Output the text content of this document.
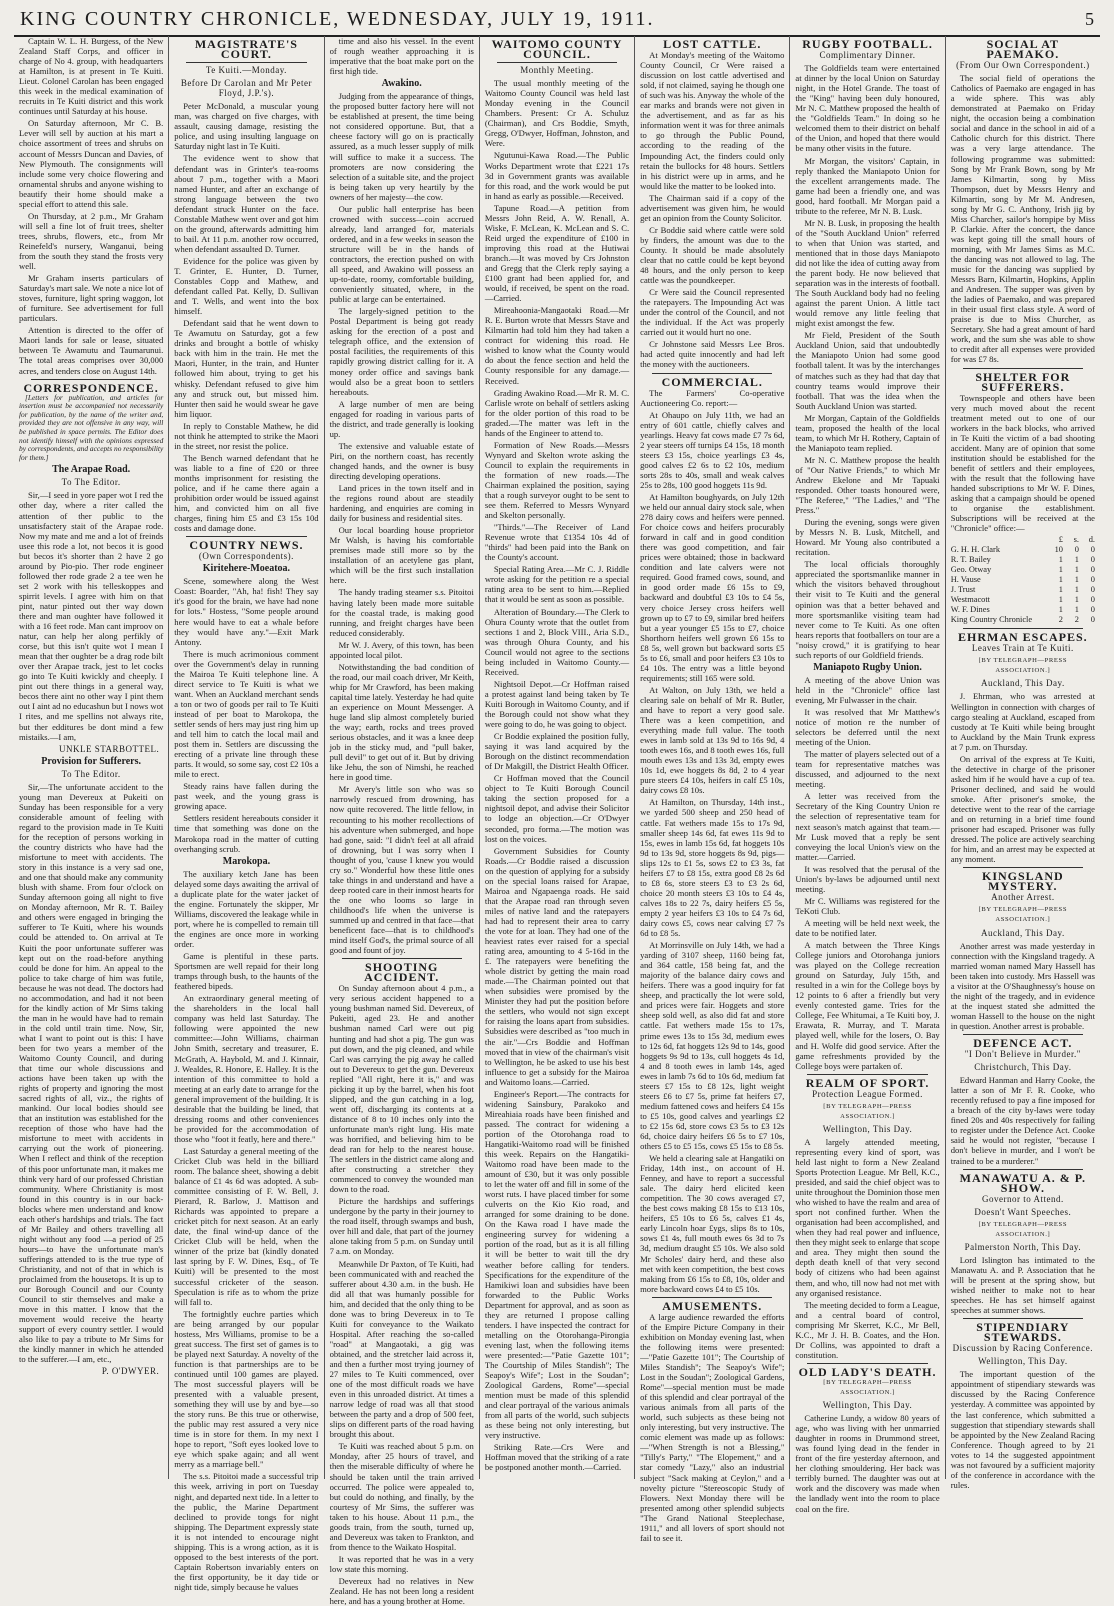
KING COUNTRY CHRONICLE, WEDNESDAY, JULY 19, 1911.	5

Captain W. L. H. Burgess, of the New Zealand Staff Corps, and officer in charge of No 4. group, with headquarters at Hamilton, is at present in Te Kuiti. Lieut. Colonel Carolan has been engaged this week in the medical examination of recruits in Te Kuiti district and this work continues until Saturday at his house.

On Saturday afternoon, Mr C. B. Lever will sell by auction at his mart a choice assortment of trees and shrubs on account of Messrs Duncan and Davies, of New Plymouth. The consignments will include some very choice flowering and ornamental shrubs and anyone wishing to beautify their home should make a special effort to attend this sale.

On Thursday, at 2 p.m., Mr Graham will sell a fine lot of fruit trees, shelter trees, shrubs, flowers, etc., from Mr Reinefeld's nursery, Wanganui, being from the south they stand the frosts very well.

Mr Graham inserts particulars of Saturday's mart sale. We note a nice lot of stoves, furniture, light spring waggon, lot of furniture. See advertisement for full particulars.

Attention is directed to the offer of Maori lands for sale or lease, situated between Te Awamutu and Taumarunui. The total areas comprises over 30,000 acres, and tenders close on August 14th.

CORRESPONDENCE.
[Letters for publication, and articles for insertion must be accompanied not necessarily for publication, by the name of the writer and, provided they are not offensive in any way, will be published in space permits. The Editor does not identify himself with the opinions expressed by correspondents, and accepts no responsibility for them.]
The Arapae Road.
To The Editor.

Sir,—I seed in yore paper wot I red the other day, where a riter called the attention of ther public to the unsatisfactery stait of the Arapae rode. Now my mate and me and a lot of freinds usee this rode a lot, not becos it is good but becos it's shorter than 2 have 2 go around by Pio-pio. Ther rode engineer followed ther rode grade 2 a tee wen he set 2 work with his telleskoppes and spirrit levels. I agree with him on that pint, natur pinted out ther way down there and man oughter have followed it with a 16 feet rode. Man cant improov on natur, can help her along perfikly of corse, but this isn't quite wot I mean I mean that ther oughter be a drag rode bilt over ther Arapae track, jest to let cocks go into Te Kuiti kwickly and cheeply. I pint out there things in a general way, becos there aint no other way I pint them out I aint ad no educashun but I nows wot I rites, and me spellins not always rite, but ther edditures be dont mind a few mistaiks.—I am,

UNKLE STARBOTTEL.
Provision for Sufferers.
To The Editor.

Sir,—The unfortunate accident to the young man Devereux at Pukeiti on Sunday has been responsible for a very considerable amount of feeling with regard to the provision made in Te Kuiti for the reception of persons working in the country districts who have had the misfortune to meet with accidents. The story in this instance is a very sad one, and one that should make any community blush with shame. From four o'clock on Sunday afternoon going all night to five on Monday afternoon, Mr R. T. Bailey and others were engaged in bringing the sufferer to Te Kuiti, where his wounds could be attended to. On arrival at Te Kuiti the poor unfortunate sufferer was kept out on the road-before anything could be done for him. An appeal to the police to take charge of him was futile, because he was not dead. The doctors had no accommodation, and had it not been for the kindly action of Mr Sims taking the man in he would have had to remain in the cold until train time. Now, Sir, what I want to point out is this: I have been for two years a member of the Waitomo County Council, and during that time our whole discussions and actions have been taken up with the rights of property and ignoring the most sacred rights of all, viz., the rights of mankind. Our local bodies should see that an institution was established for the reception of those who have had the misfortune to meet with accidents in carrying out the work of pioneering. When I reflect and think of the reception of this poor unfortunate man, it makes me think very hard of our professed Christian community. Where Christianity is most found in this country is in our back-blocks where men understand and know each other's hardships and trials. The fact of Mr Bailey and others travelling all night without any food —a period of 25 hours—to have the unfortunate man's sufferings attended to is the true type of Christianity, and not of that in which is proclaimed from the housetops. It is up to our Borough Council and our County Council to stir themselves and make a move in this matter. I know that the movement would receive the hearty support of every country settler. I would also like to pay a tribute to Mr Sims for the kindly manner in which he attended to the sufferer.—I am, etc.,

P. O'DWYER.
MAGISTRATE'S COURT.
Te Kuiti.—Monday.
Before Dr Carolan and Mr Peter Floyd, J.P.'s).

Peter McDonald, a muscular young man, was charged on five charges, with assault, causing damage, resisting the police, and using insulting language on Saturday night last in Te Kuiti.

The evidence went to show that defendant was in Grinter's tea-rooms about 7 p.m., together with a Maori named Hunter, and after an exchange of strong language between the two defendant struck Hunter on the face. Constable Mathew went over and got him on the ground, afterwards admitting him to bail. At 11 p.m. another row occurred, when defendant assaulted D. Turner.

Evidence for the police was given by T. Grinter, E. Hunter, D. Turner, Constables Copp and Mathew, and defendant called Pat. Kelly, D. Sullivan and T. Wells, and went into the box himself.

Defendant said that he went down to Te Awamutu on Saturday, got a few drinks and brought a bottle of whisky back with him in the train. He met the Maori, Hunter, in the train, and Hunter followed him about, trying to get his whisky. Defendant refused to give him any and struck out, but missed him. Hunter then said he would swear he gave him liquor.

In reply to Constable Mathew, he did not think he attempted to strike the Maori in the street, nor resist the police.

The Bench warned defendant that he was liable to a fine of £20 or three months imprisonment for resisting the police, and if he came there again a prohibition order would be issued against him, and convicted him on all five charges, fining him £5 and £3 15s 10d costs and damage done.

COUNTRY NEWS.
(Own Correspondents).
Kiritehere-Moeatoa.

Scene, somewhere along the West Coast: Boarder, "Ah, ha! fish! They say it's good for the brain, we have had none for lots." Hostess, "Some people around here would have to eat a whale before they would have any."—Exit Mark Antony.

There is much acrimonious comment over the Government's delay in running the Mairoa Te Kuiti telephone line. A direct service to Te Kuiti is what we want. When an Auckland merchant sends a ton or two of goods per rail to Te Kuiti instead of per boat to Marokopa, the settler sends of hers may just ring him up and tell him to catch the local mail and post them in. Settlers are discussing the erecting of a private line through these parts. It would, so some say, cost £2 10s a mile to erect.

Steady rains have fallen during the past week, and the young grass is growing apace.

Settlers resident hereabouts consider it time that something was done on the Marokopa road in the matter of cutting overhanging scrub.

Marokopa.

The auxiliary ketch Jane has been delayed some days awaiting the arrival of a duplicate plate for the water jacket of the engine. Fortunately the skipper, Mr Williams, discovered the leakage while in port, where he is compelled to remain till the engines are once more in working order.

Game is plentiful in these parts. Sportsmen are well repaid for their long tramps through bush, to the haunts of the feathered bipeds.

An extraordinary general meeting of the shareholders in the local hall company was held last Saturday. The following were appointed the new committee:—John Williams, chairman John Smith, secretary and treasurer, E. McGrath, A. Haybold, M. and J. Kinnair, J. Wealdes, R. Honore, E. Halley. It is the intention of this committee to hold a meeting at an early date to arrange for the general improvement of the building. It is desirable that the building be lined, that dressing rooms and other conveniences be provided for the accommodation of those who "foot it featly, here and there."

Last Saturday a general meeting of the Cricket Club was held in the billiard room. The balance sheet, showing a debit balance of £1 4s 6d was adopted. A sub-committee consisting of F. W. Bell, J. Pierard, R. Barlow, J. Mattison and Richards was appointed to prepare a cricket pitch for next season. At an early date, the final wind-up dance of the Cricket Club will be held, when the winner of the prize bat (kindly donated last spring by F. W. Dines, Esq., of Te Kuiti) will be presented to the most successful cricketer of the season. Speculation is rife as to whom the prize will fall to.

The fortnightly euchre parties which are being arranged by our popular hostess, Mrs Williams, promise to be a great success. The first set of games is to be played next Saturday. A novelty of the function is that partnerships are to be continued until 100 games are played. The most successful players will be presented with a valuable present, something they will use by and bye—so the story runs. Be this true or otherwise, the public may rest assured a very nice time is in store for them. In my next I hope to report, "Soft eyes looked love to eye which spake again; and all went merry as a marriage bell."

The s.s. Pitoitoi made a successful trip this week, arriving in port on Tuesday night, and departed next tide. In a letter to the public, the Marine Department declined to provide tongs for night shipping. The Department expressly state it is not intended to encourage night shipping. This is a wrong action, as it is opposed to the best interests of the port. Captain Robertson invariably enters on the first opportunity, be it day tide or night tide, simply because he values

time and also his vessel. In the event of rough weather approaching it is imperative that the boat make port on the first high tide.

Awakino.

Judging from the appearance of things, the proposed butter factory here will not be established at present, the time being not considered opportune. But, that a cheese factory will go on is practically assured, as a much lesser supply of milk will suffice to make it a success. The promoters are now considering the selection of a suitable site, and the project is being taken up very heartily by the owners of her majesty—the cow.

Our public hall enterprise has been crowned with success—coin accrued already, land arranged for, materials ordered, and in a few weeks in season the structure will be in the hands of contractors, the erection pushed on with all speed, and Awakino will possess an up-to-date, roomy, comfortable building, conveniently situated, where, in the public at large can be entertained.

The largely-signed petition to the Postal Department is being got ready asking for the erection of a post and telegraph office, and the extension of postal facilities, the requirements of this rapidly growing district calling for it. A money order office and savings bank would also be a great boon to settlers hereabouts.

A large number of men are being engaged for roading in various parts of the district, and trade generally is looking up.

The extensive and valuable estate of Piri, on the northern coast, has recently changed hands, and the owner is busy directing developing operations.

Land prices in the town itself and in the regions round about are steadily hardening, and enquiries are coming in daily for business and residential sites.

Our local boarding house proprietor Mr Walsh, is having his comfortable premises made still more so by the installation of an acetylene gas plant, which will be the first such installation here.

The handy trading steamer s.s. Pitoitoi having lately been made more suitable for the coastal trade, is making good running, and freight charges have been reduced considerably.

Mr W. J. Avery, of this town, has been appointed local pilot.

Notwithstanding the bad condition of the road, our mail coach driver, Mr Keith, whip for Mr Crawford, has been making capital time lately. Yesterday he had quite an experience on Mount Messenger. A huge land slip almost completely buried the way; earth, rocks and trees proved serious obstacles, and it was a knee deep job in the sticky mud, and "pull baker, pull devil" to get out of it. But by driving like Jehu, the son of Nimshi, he reached here in good time.

Mr Avery's little son who was so narrowly rescued from drowning, has now quite recovered. The little fellow, in recounting to his mother recollections of his adventure when submerged, and hope had gone, said: "I didn't feel at all afraid of drowning, but I was sorry when I thought of you, 'cause I knew you would cry so." Wonderful how these little ones take things in and understand and have a deep rooted care in their inmost hearts for the one who looms so large in childhood's life when the universe is summed up and centred in that face—that beneficent face—that is to childhood's mind itself God's, the primal source of all good and fount of joy.

SHOOTING ACCIDENT.

On Sunday afternoon about 4 p.m., a very serious accident happened to a young bushman named Sid. Devereux, of Pukeiti, aged 23. He and another bushman named Carl were out pig hunting and had shot a pig. The gun was put down, and the pig cleaned, and while Carl was carrying the pig away he called out to Devereux to get the gun. Devereux replied "All right, here it is," and was picking it up by the barrel, when his foot slipped, and the gun catching in a log, went off, discharging its contents at a distance of 8 to 10 inches only into the unfortunate man's right lung. His mate was horrified, and believing him to be dead ran for help to the nearest house. The settlers in the district came along and after constructing a stretcher they commenced to convey the wounded man down to the road.

Picture the hardships and sufferings undergone by the party in their journey to the road itself, through swamps and bush, over hill and dale, that part of the journey alone taking from 5 p.m. on Sunday until 7 a.m. on Monday.

Meanwhile Dr Paxton, of Te Kuiti, had been communicated with and reached the sufferer about 4.30 a.m. in the bush. He did all that was humanly possible for him, and decided that the only thing to be done was to bring Devereux in to Te Kuiti for conveyance to the Waikato Hospital. After reaching the so-called "road" at Mangaotaki, a gig was obtained, and the stretcher laid across it, and then a further most trying journey of 27 miles to Te Kuiti commenced, over one of the most difficult roads we have even in this unroaded district. At times a narrow ledge of road was all that stood between the party and a drop of 500 feet, slips on different parts of the road having brought this about.

Te Kuiti was reached about 5 p.m. on Monday, after 25 hours of travel, and then the miserable difficulty of where he should be taken until the train arrived occurred. The police were appealed to, but could do nothing, and finally, by the courtesy of Mr Sims, the sufferer was taken to his house. About 11 p.m., the goods train, from the south, turned up, and Devereux was taken to Frankton, and from thence to the Waikato Hospital.

It was reported that he was in a very low state this morning.

Devereux had no relatives in New Zealand. He has not been long a resident here, and has a young brother at Home.

WAITOMO COUNTY COUNCIL.
Monthly Meeting.

The usual monthly meeting of the Waitomo County Council was held last Monday evening in the Council Chambers. Present: Cr A. Schuluz (Chairman), and Crs Boddie, Smyth, Gregg, O'Dwyer, Hoffman, Johnston, and Were.

Ngutunui-Kawa Road.—The Public Works Department wrote that £221 17s 3d in Government grants was available for this road, and the work would be put in hand as early as possible.—Received.

Tapune Road.—A petition from Messrs John Reid, A. W. Renall, A. Wiske, F. McLean, K. McLean and S. C. Reid urged the expenditure of £100 in improving this road at the Hutiwai branch.—It was moved by Crs Johnston and Gregg that the Clerk reply saying a £100 grant had been applied for, and would, if received, be spent on the road.—Carried.

Mireahoonia-Mangaotaki Road.—Mr R. E. Burton wrote that Messrs Stave and Kilmartin had told him they had taken a contract for widening this road. He wished to know what the County would do about the fence section and held the County responsible for any damage.—Received.

Grading Awakino Road.—Mr R. M. C. Carlisle wrote on behalf of settlers asking for the older portion of this road to be graded.—The matter was left in the hands of the Engineer to attend to.

Formation of New Roads.—Messrs Wynyard and Skelton wrote asking the Council to explain the requirements in the formation of new roads.—The Chairman explained the position, saying that a rough surveyor ought to be sent to see them. Referred to Messrs Wynyard and Skelton personally.

"Thirds."—The Receiver of Land Revenue wrote that £1354 10s 4d of "thirds" had been paid into the Bank on the County's account.

Special Rating Area.—Mr C. J. Riddle wrote asking for the petition re a special rating area to be sent to him.—Replied that it would be sent as soon as possible.

Alteration of Boundary.—The Clerk to Ohura County wrote that the outlet from sections 1 and 2, Block VIII., Aria S.D., was through Ohura County, and his Council would not agree to the sections being included in Waitomo County.—Received.

Nightsoil Depot.—Cr Hoffman raised a protest against land being taken by Te Kuiti Borough in Waitomo County, and if the Borough could not show what they were going to do, he was going to object.

Cr Boddie explained the position fully, saying it was land acquired by the Borough on the distinct recommendation of Dr Makgill, the District Health Officer.

Cr Hoffman moved that the Council object to Te Kuiti Borough Council taking the section proposed for a nightsoil depot, and advise their Solicitor to lodge an objection.—Cr O'Dwyer seconded, pro forma.—The motion was lost on the voices.

Government Subsidies for County Roads.—Cr Boddie raised a discussion on the question of applying for a subsidy on the special loans raised for Arapae, Mairoa and Ngapaenga roads. He said that the Arapae road ran through seven miles of native land and the ratepayers had had to represent their area to carry the vote for at loan. They had one of the heaviest rates ever raised for a special rating area, amounting to 4 5-16d in the £. The ratepayers were benefiting the whole district by getting the main road made.—The Chairman pointed out that when subsidies were promised by the Minister they had put the position before the settlers, who would not sign except for raising the loans apart from subsidies. Subsidies were described as "too much in the air."—Crs Boddie and Hoffman moved that in view of the chairman's visit to Wellington, he be asked to use his best influence to get a subsidy for the Mairoa and Waitomo loans.—Carried.

Engineer's Report.—The contracts for widening Sainsbury, Parakoko and Mireahiaia roads have been finished and passed. The contract for widening a portion of the Otorohanga road to Hangatiki-Waitomo road will be finished this week. Repairs on the Hangatiki-Waitomo road have been made to the amount of £30, but it was only possible to let the water off and fill in some of the worst ruts. I have placed timber for some culverts on the Kio Kio road, and arranged for some draining to be done. On the Kawa road I have made the engineering survey for widening a portion of the road, but as it is all filling it will be better to wait till the dry weather before calling for tenders. Specifications for the expenditure of the Hamikiwi loan and subsidies have been forwarded to the Public Works Department for approval, and as soon as they are returned I propose calling tenders. I have inspected the contract for metalling on the Otorohanga-Pirongia evening last, when the following items were presented:—"Patie Gazette 101"; The Courtship of Miles Standish"; The Seapoy's Wife"; Lost in the Soudan"; Zoological Gardens, Rome"—special mention must be made of this splendid and clear portrayal of the various animals from all parts of the world, such subjects as these being not only interesting, but very instructive.

Striking Rate.—Crs Were and Hoffman moved that the striking of a rate be postponed another month.—Carried.

LOST CATTLE.

At Monday's meeting of the Waitomo County Council, Cr Were raised a discussion on lost cattle advertised and sold, if not claimed, saying he though one of such was his. Anyway the whole of the ear marks and brands were not given in the advertisement, and as far as his information went it was for three animals to go through the Public Pound, according to the reading of the Impounding Act, the finders could only retain the bullocks for 48 hours. Settlers in his district were up in arms, and he would like the matter to be looked into.

The Chairman said if a copy of the advertisement was given him, he would get an opinion from the County Solicitor.

Cr Boddie said where cattle were sold by finders, the amount was due to the County. It should be made absolutely clear that no cattle could be kept beyond 48 hours, and the only person to keep cattle was the poundkeeper.

Cr Were said the Council represented the ratepayers. The Impounding Act was under the control of the Council, and not the individual. If the Act was properly carried out it would hurt no one.

Cr Johnstone said Messrs Lee Bros. had acted quite innocently and had left the money with the auctioneers.

COMMERCIAL.

The Farmers' Co-operative Auctioneering Co. report:—

At Ohaupo on July 11th, we had an entry of 601 cattle, chiefly calves and yearlings. Heavy fat cows made £7 7s 6d, 2 year steers off turnips £4 15s, 18 month steers £3 15s, choice yearlings £3 4s, good calves £2 6s to £2 10s, medium sorts 28s to 40s, small and weak calves 25s to 28s, 100 good hoggets 11s 9d.

At Hamilton boughyards, on July 12th we held our annual dairy stock sale, when 278 dairy cows and heifers were penned. For choice cows and heifers procurably forward in calf and in good condition there was good competition, and fair prices were obtained; those in backward condition and late calvers were not required. Good framed cows, sound, and in good order made £6 15s to £9, backward and doubtful £3 10s to £4 5s, very choice Jersey cross heifers well grown up to £7 to £9, similar bred heifers but a year younger £5 15s to £7, choice Shorthorn heifers well grown £6 15s to £8 5s, well grown but backward sorts £5 5s to £6, small and poor heifers £3 10s to £4 10s. The entry was a little beyond requirements; still 165 were sold.

At Walton, on July 13th, we held a clearing sale on behalf of Mr R. Butler, and have to report a very good sale. There was a keen competition, and everything made full value. The tooth ewes in lamb sold at 13s 9d to 16s 9d, 4 tooth ewes 16s, and 8 tooth ewes 16s, full mouth ewes 13s and 13s 3d, empty ewes 10s 1d, ewe hoggets 8s 8d, 2 to 4 year pure steers £4 10s, heifers in calf £5 10s, dairy cows £8 10s.

At Hamilton, on Thursday, 14th inst., we yarded 500 sheep and 250 head of cattle. Fat wethers made 15s to 17s 9d, smaller sheep 14s 6d, fat ewes 11s 9d to 15s, ewes in lamb 15s 6d, fat hoggets 10s 9d to 13s 9d, store hoggets 8s 9d, pigs—slips 12s to £1 5s, sows £2 to £3 3s, fat heifers £7 to £8 15s, extra good £8 2s 6d to £8 6s, store steers £3 to £3 2s 6d, choice 20 month steers £3 10s to £4 4s, calves 18s to 22 7s, dairy heifers £5 5s, empty 2 year heifers £3 10s to £4 7s 6d, dairy cows £5, cows near calving £7 7s 6d to £8 5s.

At Morrinsville on July 14th, we had a yarding of 3107 sheep, 1160 being fat, and 364 cattle, 158 being fat, and the majority of the balance dairy cows and heifers. There was a good inquiry for fat sheep, and practically the lot were sold, and prices were fair. Hoggets and store sheep sold well, as also did fat and store cattle. Fat wethers made 15s to 17s, prime ewes 13s to 15s 3d, medium ewes to 12s 6d, fat hoggets 12s 9d to 14s, good hoggets 9s 9d to 13s, cull hoggets 4s 1d, 4 and 8 tooth ewes in lamb 14s, aged ewes in lamb 7s 6d to 10s 6d, medium fat steers £7 15s to £8 12s, light weight steers £6 to £7 5s, prime fat heifers £7, medium fattened cows and heifers £4 15s to £5 10s, good calves and yearlings £2 to £2 15s 6d, store cows £3 5s to £3 12s 6d, choice dairy heifers £6 5s to £7 10s, others £5 to £5 15s, cows £5 15s to £8 5s.

We held a clearing sale at Hangatiki on Friday, 14th inst., on account of H. Fenney, and have to report a successful sale. The dairy herd elicited keen competition. The 30 cows averaged £7, the best cows making £8 15s to £13 10s, heifers, £5 10s to £6 5s, calves £1 4s, early Lincoln hoar £ygs, slips 8s to 10s, sows £1 4s, full mouth ewes 6s 3d to 7s 3d, medium draught £5 10s. We also sold Mr Scholes' dairy herd, and these also met with keen competition, the best cows making from £6 15s to £8, 10s, older and more backward cows £4 to £5 10s.

AMUSEMENTS.

A large audience rewarded the efforts of the Empire Picture Company in their exhibition on Monday evening last, when the following items were presented:—"Patie Gazette 101"; The Courtship of Miles Standish"; The Seapoy's Wife"; Lost in the Soudan"; Zoological Gardens, Rome"—special mention must be made of this splendid and clear portrayal of the various animals from all parts of the world, such subjects as these being not only interesting, but very instructive. The comic element was made up as follows:—"When Strength is not a Blessing," "Tilly's Party," "The Elopement," and a star comedy "Lazy," also an industrial subject "Sack making at Ceylon," and a novelty picture "Stereoscopic Study of Flowers. Next Monday there will be presented among other splendid subjects "The Grand National Steeplechase, 1911," and all lovers of sport should not fail to see it.

RUGBY FOOTBALL.
Complimentary Dinner.

The Goldfields team were entertained at dinner by the local Union on Saturday night, in the Hotel Grande. The toast of the "King" having been duly honoured, Mr N. C. Matthew proposed the health of the "Goldfields Team." In doing so he welcomed them to their district on behalf of the Union, and hoped that there would be many other visits in the future.

Mr Morgan, the visitors' Captain, in reply thanked the Maniapoto Union for the excellent arrangements made. The game had been a friendly one, and was good, hard football. Mr Morgan paid a tribute to the referee, Mr N. B. Lusk.

Mr N. B. Lusk, in proposing the health of the "South Auckland Union" referred to when that Union was started, and mentioned that in those days Maniapoto did not like the idea of cutting away from the parent body. He now believed that separation was in the interests of football. The South Auckland body had no feeling against the parent Union. A little tact would remove any little feeling that might exist amongst the few.

Mr Field, President of the South Auckland Union, said that undoubtedly the Maniapoto Union had some good football talent. It was by the interchanges of matches such as they had that day that country teams would improve their football. That was the idea when the South Auckland Union was started.

Mr Morgan, Captain of the Goldfields team, proposed the health of the local team, to which Mr H. Rothery, Captain of the Maniapoto team replied.

Mr N. C. Matthew propose the health of "Our Native Friends," to which Mr Andrew Ekelone and Mr Tapuaki responded. Other toasts honoured were, "The Referee," "The Ladies," and "The Press."

During the evening, songs were given by Messrs N. B. Lusk, Mitchell, and Howard. Mr Young also contributed a recitation.

The local officials thoroughly appreciated the sportsmanlike manner in which the visitors behaved throughout their visit to Te Kuiti and the general opinion was that a better behaved and more sportsmanlike visiting team had never come to Te Kuiti. As one often hears reports that footballers on tour are a "noisy crowd," it is gratifying to hear such reports of our Goldfield friends.

Maniapoto Rugby Union.

A meeting of the above Union was held in the "Chronicle" office last evening, Mr Fulwasser in the chair.

It was resolved that Mr Matthew's notice of motion re the number of selectors be deferred until the next meeting of the Union.

The matter of players selected out of a team for representative matches was discussed, and adjourned to the next meeting.

A letter was received from the Secretary of the King Country Union re the selection of representative team for next season's match against that team.—Mr Lusk moved that a reply be sent conveying the local Union's view on the matter.—Carried.

It was resolved that the perusal of the Union's by-laws be adjourned until next meeting.

Mr C. Williams was registered for the TeKoti Club.

A meeting will be held next week, the date to be notified later.

A match between the Three Kings College juniors and Otorohanga juniors was played on the College recreation ground on Saturday, July 15th, and resulted in a win for the College boys by 12 points to 6 after a friendly but very evenly contested game. Tries for the College, Fee Whitumai, a Te Kuiti boy, J. Erawata, R. Murray, and T. Marata played well, while for the losers, O. Bay and H. Wolfe did good service. After the game refreshments provided by the College boys were partaken of.

REALM OF SPORT.
Protection League Formed.
[BY TELEGRAPH—PRESS ASSOCIATION.]
Wellington, This Day.

A largely attended meeting, representing every kind of sport, was held last night to form a New Zealand Sports Protection League. Mr Bell, K.C., presided, and said the chief object was to unite throughout the Dominion those men who wished to have the realm and area of sport not confined further. When the organisation had been accomplished, and when they had real power and influence, then they might seek to enlarge that scope and area. They might then sound the depth death knell of that very second body of citizens who had been against them, and who, till now had not met with any organised resistance.

The meeting decided to form a League, and a central board of control, comprising Mr Skerret, K.C., Mr Bell, K.C., Mr J. H. B. Coates, and the Hon. Dr Collins, was appointed to draft a constitution.

OLD LADY'S DEATH.
[BY TELEGRAPH—PRESS ASSOCIATION.]
Wellington, This Day.

Catherine Lundy, a widow 80 years of age, who was living with her unmarried daughter in rooms in Drummond street, was found lying dead in the fender in front of the fire yesterday afternoon, and her clothing smouldering. Her back was terribly burned. The daughter was out at work and the discovery was made when the landlady went into the room to place coal on the fire.

SOCIAL AT PAEMAKO.
(From Our Own Correspondent.)

The social field of operations the Catholics of Paemako are engaged in has a wide sphere. This was ably demonstrated at Paemako on Friday night, the occasion being a combination social and dance in the school in aid of a Catholic church for this district. There was a very large attendance. The following programme was submitted: Song by Mr Frank Bown, song by Mr James Kilmartin, song by Miss Thompson, duet by Messrs Henry and Kilmartin, song by Mr M. Andresen, song by Mr G. C. Anthony, Irish jig by Miss Charcher, sailor's hornpipe by Miss P. Clarkie. After the concert, the dance was kept going till the small hours of morning, with Mr James Sims as M.C. the dancing was not allowed to lag. The music for the dancing was supplied by Messrs Barn, Kilmartin, Hopkins, Applin and Andresen. The supper was given by the ladies of Paemako, and was prepared in their usual first class style. A word of praise is due to Miss Churcher, as Secretary. She had a great amount of hard work, and the sum she was able to show to credit after all expenses were provided for was £7 8s.

SHELTER FOR SUFFERERS.

Townspeople and others have been very much moved about the recent treatment meted out to one of our workers in the back blocks, who arrived in Te Kuiti the victim of a bad shooting accident. Many are of opinion that some institution should be established for the benefit of settlers and their employees, with the result that the following have handed subscriptions to Mr W. F. Dines, asking that a campaign should be opened to organise the establishment. Subscriptions will be received at the "Chronicle" office:—

	£	s.	d.
G. H. H. Clark	10	0	0
R. T. Bailey	1	1	0
Geo. Otway	1	1	0
H. Vause	1	1	0
J. Trust	1	1	0
Westmacott	1	1	0
W. F. Dines	1	1	0
King Country Chronicle	2	2	0
EHRMAN ESCAPES.
Leaves Train at Te Kuiti.
[BY TELEGRAPH—PRESS ASSOCIATION.]
Auckland, This Day.

J. Ehrman, who was arrested at Wellington in connection with charges of cargo stealing at Auckland, escaped from custody at Te Kuiti while being brought to Auckland by the Main Trunk express at 7 p.m. on Thursday.

On arrival of the express at Te Kuiti, the detective in charge of the prisoner asked him if he would have a cup of tea. Prisoner declined, and said he would smoke. After prisoner's smoke, the detective went to the rear of the carriage and on returning in a brief time found prisoner had escaped. Prisoner was fully dressed. The police are actively searching for him, and an arrest may be expected at any moment.

KINGSLAND MYSTERY.
Another Arrest.
[BY TELEGRAPH—PRESS ASSOCIATION.]
Auckland, This Day.

Another arrest was made yesterday in connection with the Kingsland tragedy. A married woman named Mary Hassell has been taken into custody. Mrs Hassell was a visitor at the O'Shaughnessy's house on the night of the tragedy, and in evidence at the inquest stated she admitted the woman Hassell to the house on the night in question. Another arrest is probable.

DEFENCE ACT.
"I Don't Believe in Murder."
Christchurch, This Day.

Edward Hanman and Harry Cooke, the latter a son of Mr F. R. Cooke, who recently refused to pay a fine imposed for a breach of the city by-laws were today fined 20s and 40s respectively for failing to register under the Defence Act. Cooke said he would not register, "because I don't believe in murder, and I won't be trained to be a murderer."

MANAWATU A. & P. SHOW.
Governor to Attend.
Doesn't Want Speeches.
[BY TELEGRAPH—PRESS ASSOCIATION.]
Palmerston North, This Day.

Lord Islington has intimated to the Manawatu A. and P. Association that he will be present at the spring show, but wished neither to make not to hear speeches. He has set himself against speeches at summer shows.

STIPENDIARY STEWARDS.
Discussion by Racing Conference.
Wellington, This Day.

The important question of the appointment of stipendiary stewards was discussed by the Racing Conference yesterday. A committee was appointed by the last conference, which submitted a suggestion that stipendiary stewards shall be appointed by the New Zealand Racing Conference. Though agreed to by 21 votes to 14 the suggested appointment was not favoured by a sufficient majority of the conference in accordance with the rules.
